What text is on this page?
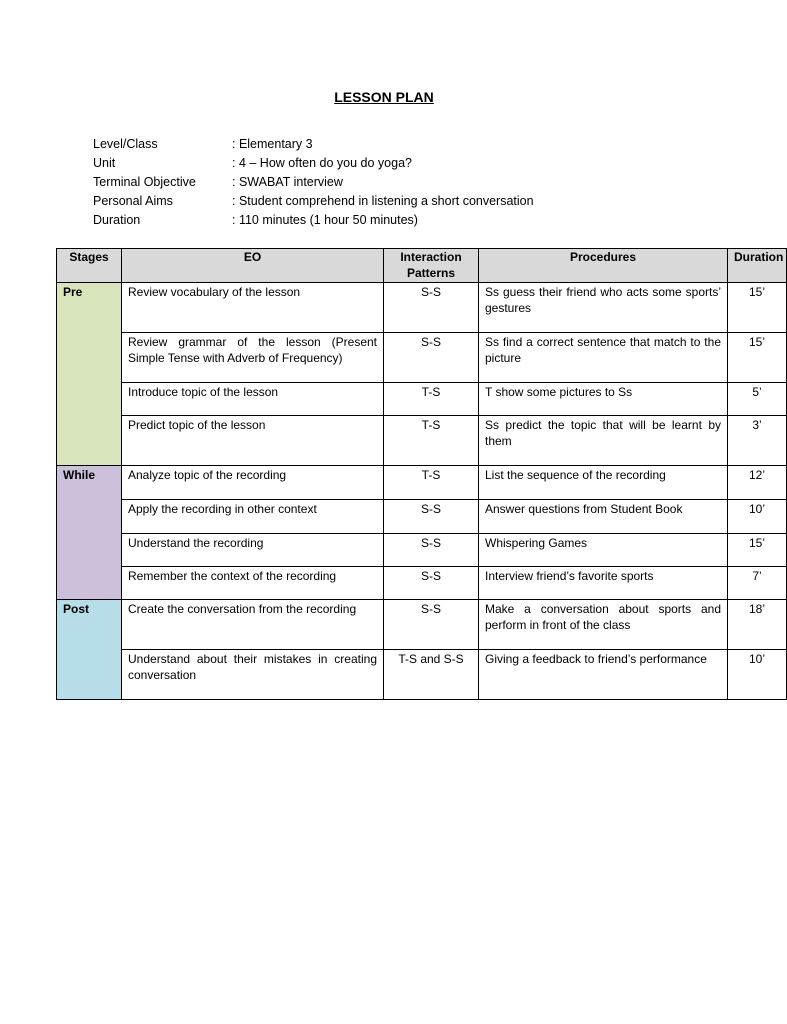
LESSON PLAN
Level/Class	: Elementary 3
Unit	: 4 – How often do you do yoga?
Terminal Objective	: SWABAT interview
Personal Aims	: Student comprehend in listening a short conversation
Duration	: 110 minutes (1 hour 50 minutes)
Stages	EO	Interaction Patterns	Procedures	Duration
Pre	Review vocabulary of the lesson	S-S	Ss guess their friend who acts some sports’ gestures	15’
	Review grammar of the lesson (Present Simple Tense with Adverb of Frequency)	S-S	Ss find a correct sentence that match to the picture	15’
	Introduce topic of the lesson	T-S	T show some pictures to Ss	5’
	Predict topic of the lesson	T-S	Ss predict the topic that will be learnt by them	3’
While	Analyze topic of the recording	T-S	List the sequence of the recording	12’
	Apply the recording in other context	S-S	Answer questions from Student Book	10’
	Understand the recording	S-S	Whispering Games	15’
	Remember the context of the recording	S-S	Interview friend’s favorite sports	7’
Post	Create the conversation from the recording	S-S	Make a conversation about sports and perform in front of the class	18’
	Understand about their mistakes in creating conversation	T-S and S-S	Giving a feedback to friend’s performance	10’
